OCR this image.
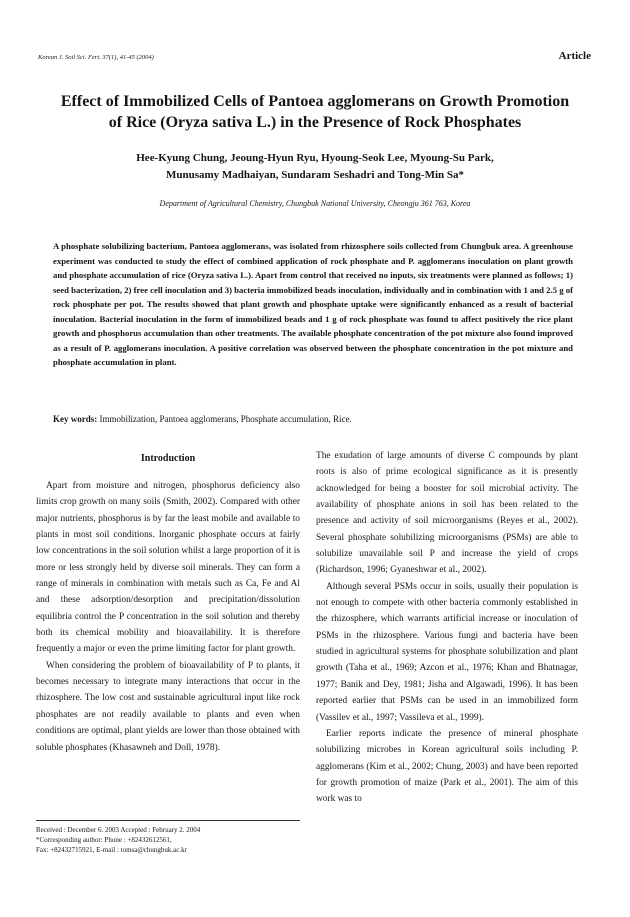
Korean J. Soil Sci. Fert. 37(1), 41-45 (2004)	Article
Effect of Immobilized Cells of Pantoea agglomerans on Growth Promotion
of Rice (Oryza sativa L.) in the Presence of Rock Phosphates
Hee-Kyung Chung, Jeoung-Hyun Ryu, Hyoung-Seok Lee, Myoung-Su Park,
Munusamy Madhaiyan, Sundaram Seshadri and Tong-Min Sa*
Department of Agricultural Chemistry, Chungbuk National University, Cheongju 361 763, Korea

A phosphate solubilizing bacterium, Pantoea agglomerans, was isolated from rhizosphere soils collected from Chungbuk area. A greenhouse experiment was conducted to study the effect of combined application of rock phosphate and P. agglomerans inoculation on plant growth and phosphate accumulation of rice (Oryza sativa L.). Apart from control that received no inputs, six treatments were planned as follows; 1) seed bacterization, 2) free cell inoculation and 3) bacteria immobilized beads inoculation, individually and in combination with 1 and 2.5 g of rock phosphate per pot. The results showed that plant growth and phosphate uptake were significantly enhanced as a result of bacterial inoculation. Bacterial inoculation in the form of immobilized beads and 1 g of rock phosphate was found to affect positively the rice plant growth and phosphorus accumulation than other treatments. The available phosphate concentration of the pot mixture also found improved as a result of P. agglomerans inoculation. A positive correlation was observed between the phosphate concentration in the pot mixture and phosphate accumulation in plant.

Key words: Immobilization, Pantoea agglomerans, Phosphate accumulation, Rice.
Introduction

Apart from moisture and nitrogen, phosphorus deficiency also limits crop growth on many soils (Smith, 2002). Compared with other major nutrients, phosphorus is by far the least mobile and available to plants in most soil conditions. Inorganic phosphate occurs at fairly low concentrations in the soil solution whilst a large proportion of it is more or less strongly held by diverse soil minerals. They can form a range of minerals in combination with metals such as Ca, Fe and Al and these adsorption/desorption and precipitation/dissolution equilibria control the P concentration in the soil solution and thereby both its chemical mobility and bioavailability. It is therefore frequently a major or even the prime limiting factor for plant growth.

When considering the problem of bioavailability of P to plants, it becomes necessary to integrate many interactions that occur in the rhizosphere. The low cost and sustainable agricultural input like rock phosphates are not readily available to plants and even when conditions are optimal, plant yields are lower than those obtained with soluble phosphates (Khasawneh and Doll, 1978).

The exudation of large amounts of diverse C compounds by plant roots is also of prime ecological significance as it is presently acknowledged for being a booster for soil microbial activity. The availability of phosphate anions in soil has been related to the presence and activity of soil microorganisms (Reyes et al., 2002). Several phosphate solubilizing microorganisms (PSMs) are able to solubilize unavailable soil P and increase the yield of crops (Richardson, 1996; Gyaneshwar et al., 2002).

Although several PSMs occur in soils, usually their population is not enough to compete with other bacteria commonly established in the rhizosphere, which warrants artificial increase or inoculation of PSMs in the rhizosphere. Various fungi and bacteria have been studied in agricultural systems for phosphate solubilization and plant growth (Taha et al., 1969; Azcon et al., 1976; Khan and Bhatnagar, 1977; Banik and Dey, 1981; Jisha and Algawadi, 1996). It has been reported earlier that PSMs can be used in an immobilized form (Vassilev et al., 1997; Vassileva et al., 1999).

Earlier reports indicate the presence of mineral phosphate solubilizing microbes in Korean agricultural soils including P. agglomerans (Kim et al., 2002; Chung, 2003) and have been reported for growth promotion of maize (Park et al., 2001). The aim of this work was to

Received : December 6. 2003 Accepted : February 2. 2004
*Corresponding author: Phone : +82432612561,
Fax: +82432715921, E-mail : tomsa@chungbuk.ac.kr
